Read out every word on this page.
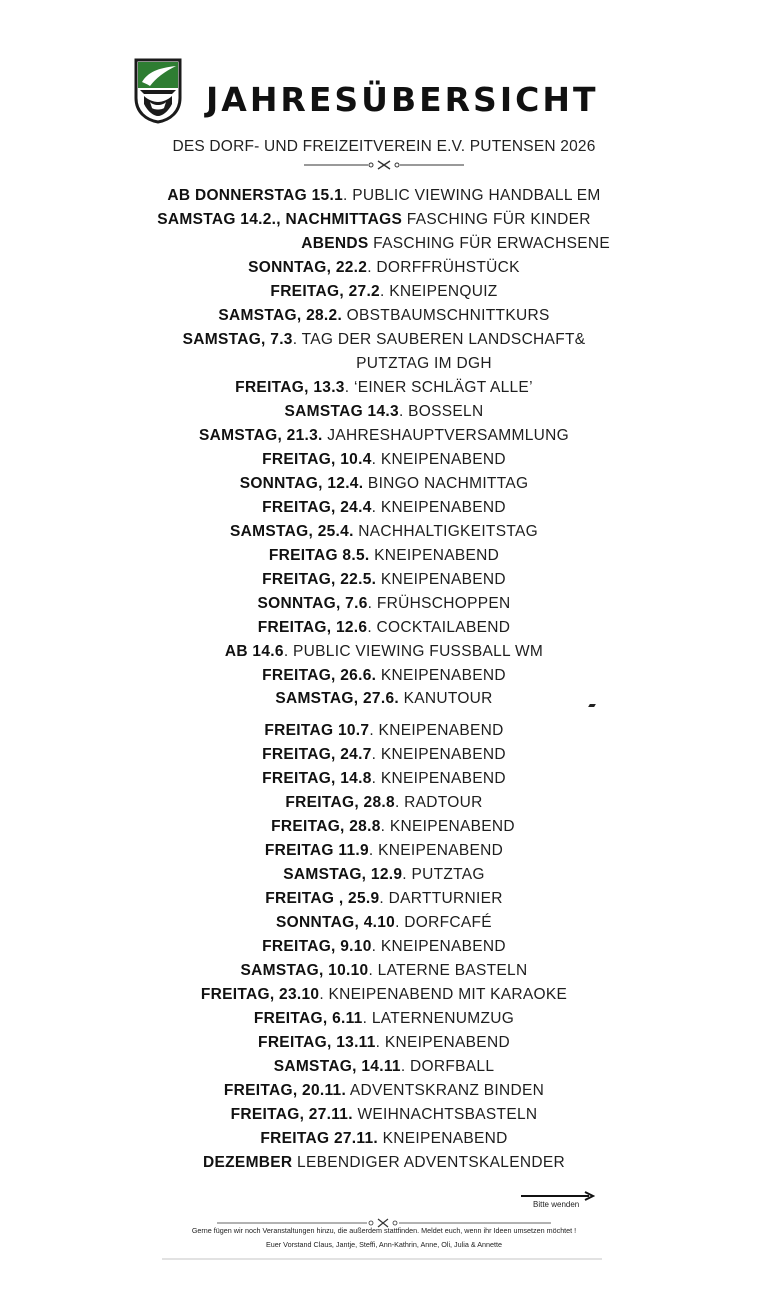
JAHRESÜBERSICHT
DES DORF- UND FREIZEITVEREIN E.V. PUTENSEN 2026
AB DONNERSTAG 15.1. PUBLIC VIEWING HANDBALL EM
SAMSTAG 14.2., NACHMITTAGS FASCHING FÜR KINDER
ABENDS FASCHING FÜR ERWACHSENE
SONNTAG, 22.2. DORFFRÜHSTÜCK
FREITAG, 27.2. KNEIPENQUIZ
SAMSTAG, 28.2. OBSTBAUMSCHNITTKURS
SAMSTAG, 7.3. TAG DER SAUBEREN LANDSCHAFT&
PUTZTAG IM DGH
FREITAG, 13.3. ‘EINER SCHLÄGT ALLE’
SAMSTAG 14.3. BOSSELN
SAMSTAG, 21.3. JAHRESHAUPTVERSAMMLUNG
FREITAG, 10.4. KNEIPENABEND
SONNTAG, 12.4. BINGO NACHMITTAG
FREITAG, 24.4. KNEIPENABEND
SAMSTAG, 25.4. NACHHALTIGKEITSTAG
FREITAG 8.5. KNEIPENABEND
FREITAG, 22.5. KNEIPENABEND
SONNTAG, 7.6. FRÜHSCHOPPEN
FREITAG, 12.6. COCKTAILABEND
AB 14.6. PUBLIC VIEWING FUSSBALL WM
FREITAG, 26.6. KNEIPENABEND
SAMSTAG, 27.6. KANUTOUR
FREITAG 10.7. KNEIPENABEND
FREITAG, 24.7. KNEIPENABEND
FREITAG, 14.8. KNEIPENABEND
FREITAG, 28.8. RADTOUR
FREITAG, 28.8. KNEIPENABEND
FREITAG 11.9. KNEIPENABEND
SAMSTAG, 12.9. PUTZTAG
FREITAG , 25.9. DARTTURNIER
SONNTAG, 4.10. DORFCAFÉ
FREITAG, 9.10. KNEIPENABEND
SAMSTAG, 10.10. LATERNE BASTELN
FREITAG, 23.10. KNEIPENABEND MIT KARAOKE
FREITAG, 6.11. LATERNENUMZUG
FREITAG, 13.11. KNEIPENABEND
SAMSTAG, 14.11. DORFBALL
FREITAG, 20.11. ADVENTSKRANZ BINDEN
FREITAG, 27.11. WEIHNACHTSBASTELN
FREITAG 27.11. KNEIPENABEND
DEZEMBER LEBENDIGER ADVENTSKALENDER
Bitte wenden
Gerne fügen wir noch Veranstaltungen hinzu, die außerdem stattfinden. Meldet euch, wenn ihr Ideen umsetzen möchtet !
Euer Vorstand Claus, Jantje, Steffi, Ann-Kathrin, Anne, Oli, Julia & Annette
